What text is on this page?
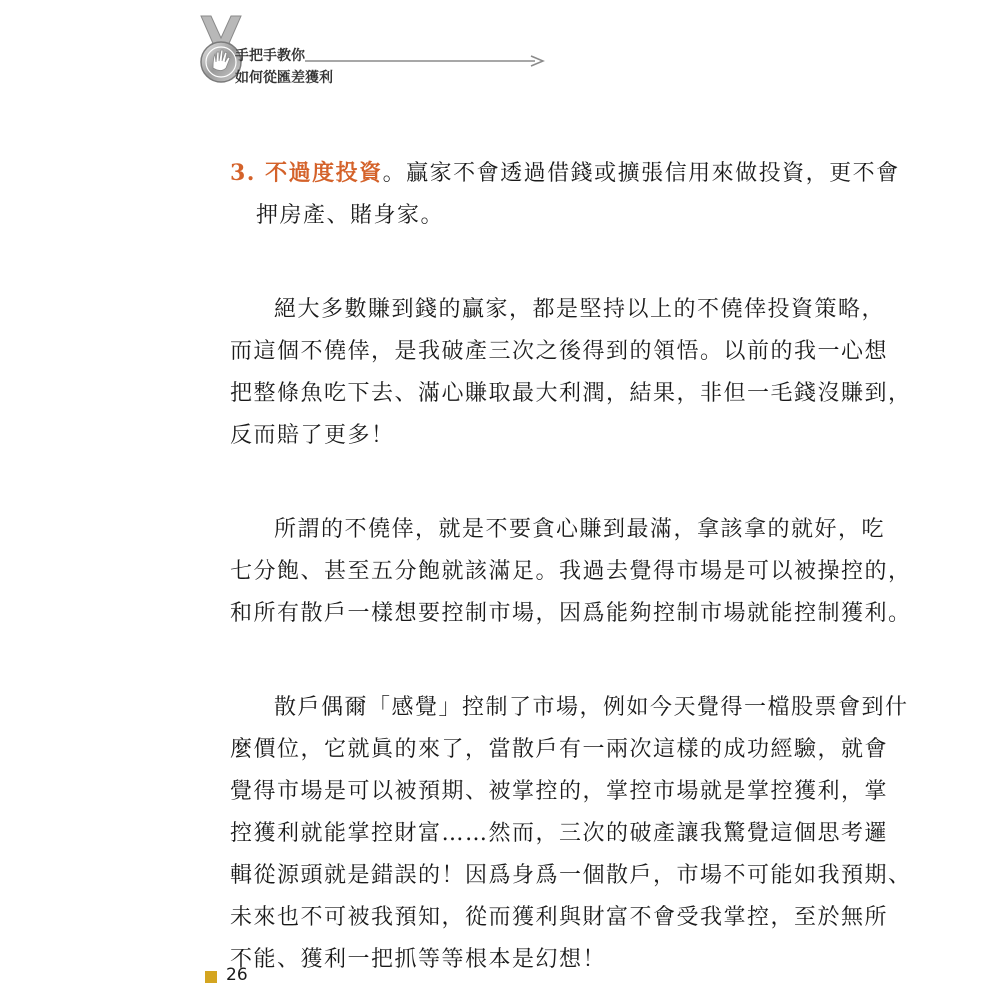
手把手教你
如何從匯差獲利

3. 不過度投資。贏家不會透過借錢或擴張信用來做投資，更不會
押房產、賭身家。

絕大多數賺到錢的贏家，都是堅持以上的不僥倖投資策略，
而這個不僥倖，是我破產三次之後得到的領悟。以前的我一心想
把整條魚吃下去、滿心賺取最大利潤，結果，非但一毛錢沒賺到，
反而賠了更多！

所謂的不僥倖，就是不要貪心賺到最滿，拿該拿的就好，吃
七分飽、甚至五分飽就該滿足。我過去覺得市場是可以被操控的，
和所有散戶一樣想要控制市場，因爲能夠控制市場就能控制獲利。

散戶偶爾「感覺」控制了市場，例如今天覺得一檔股票會到什
麼價位，它就眞的來了，當散戶有一兩次這樣的成功經驗，就會
覺得市場是可以被預期、被掌控的，掌控市場就是掌控獲利，掌
控獲利就能掌控財富……然而，三次的破產讓我驚覺這個思考邏
輯從源頭就是錯誤的！因爲身爲一個散戶，市場不可能如我預期、
未來也不可被我預知，從而獲利與財富不會受我掌控，至於無所
不能、獲利一把抓等等根本是幻想！

26
